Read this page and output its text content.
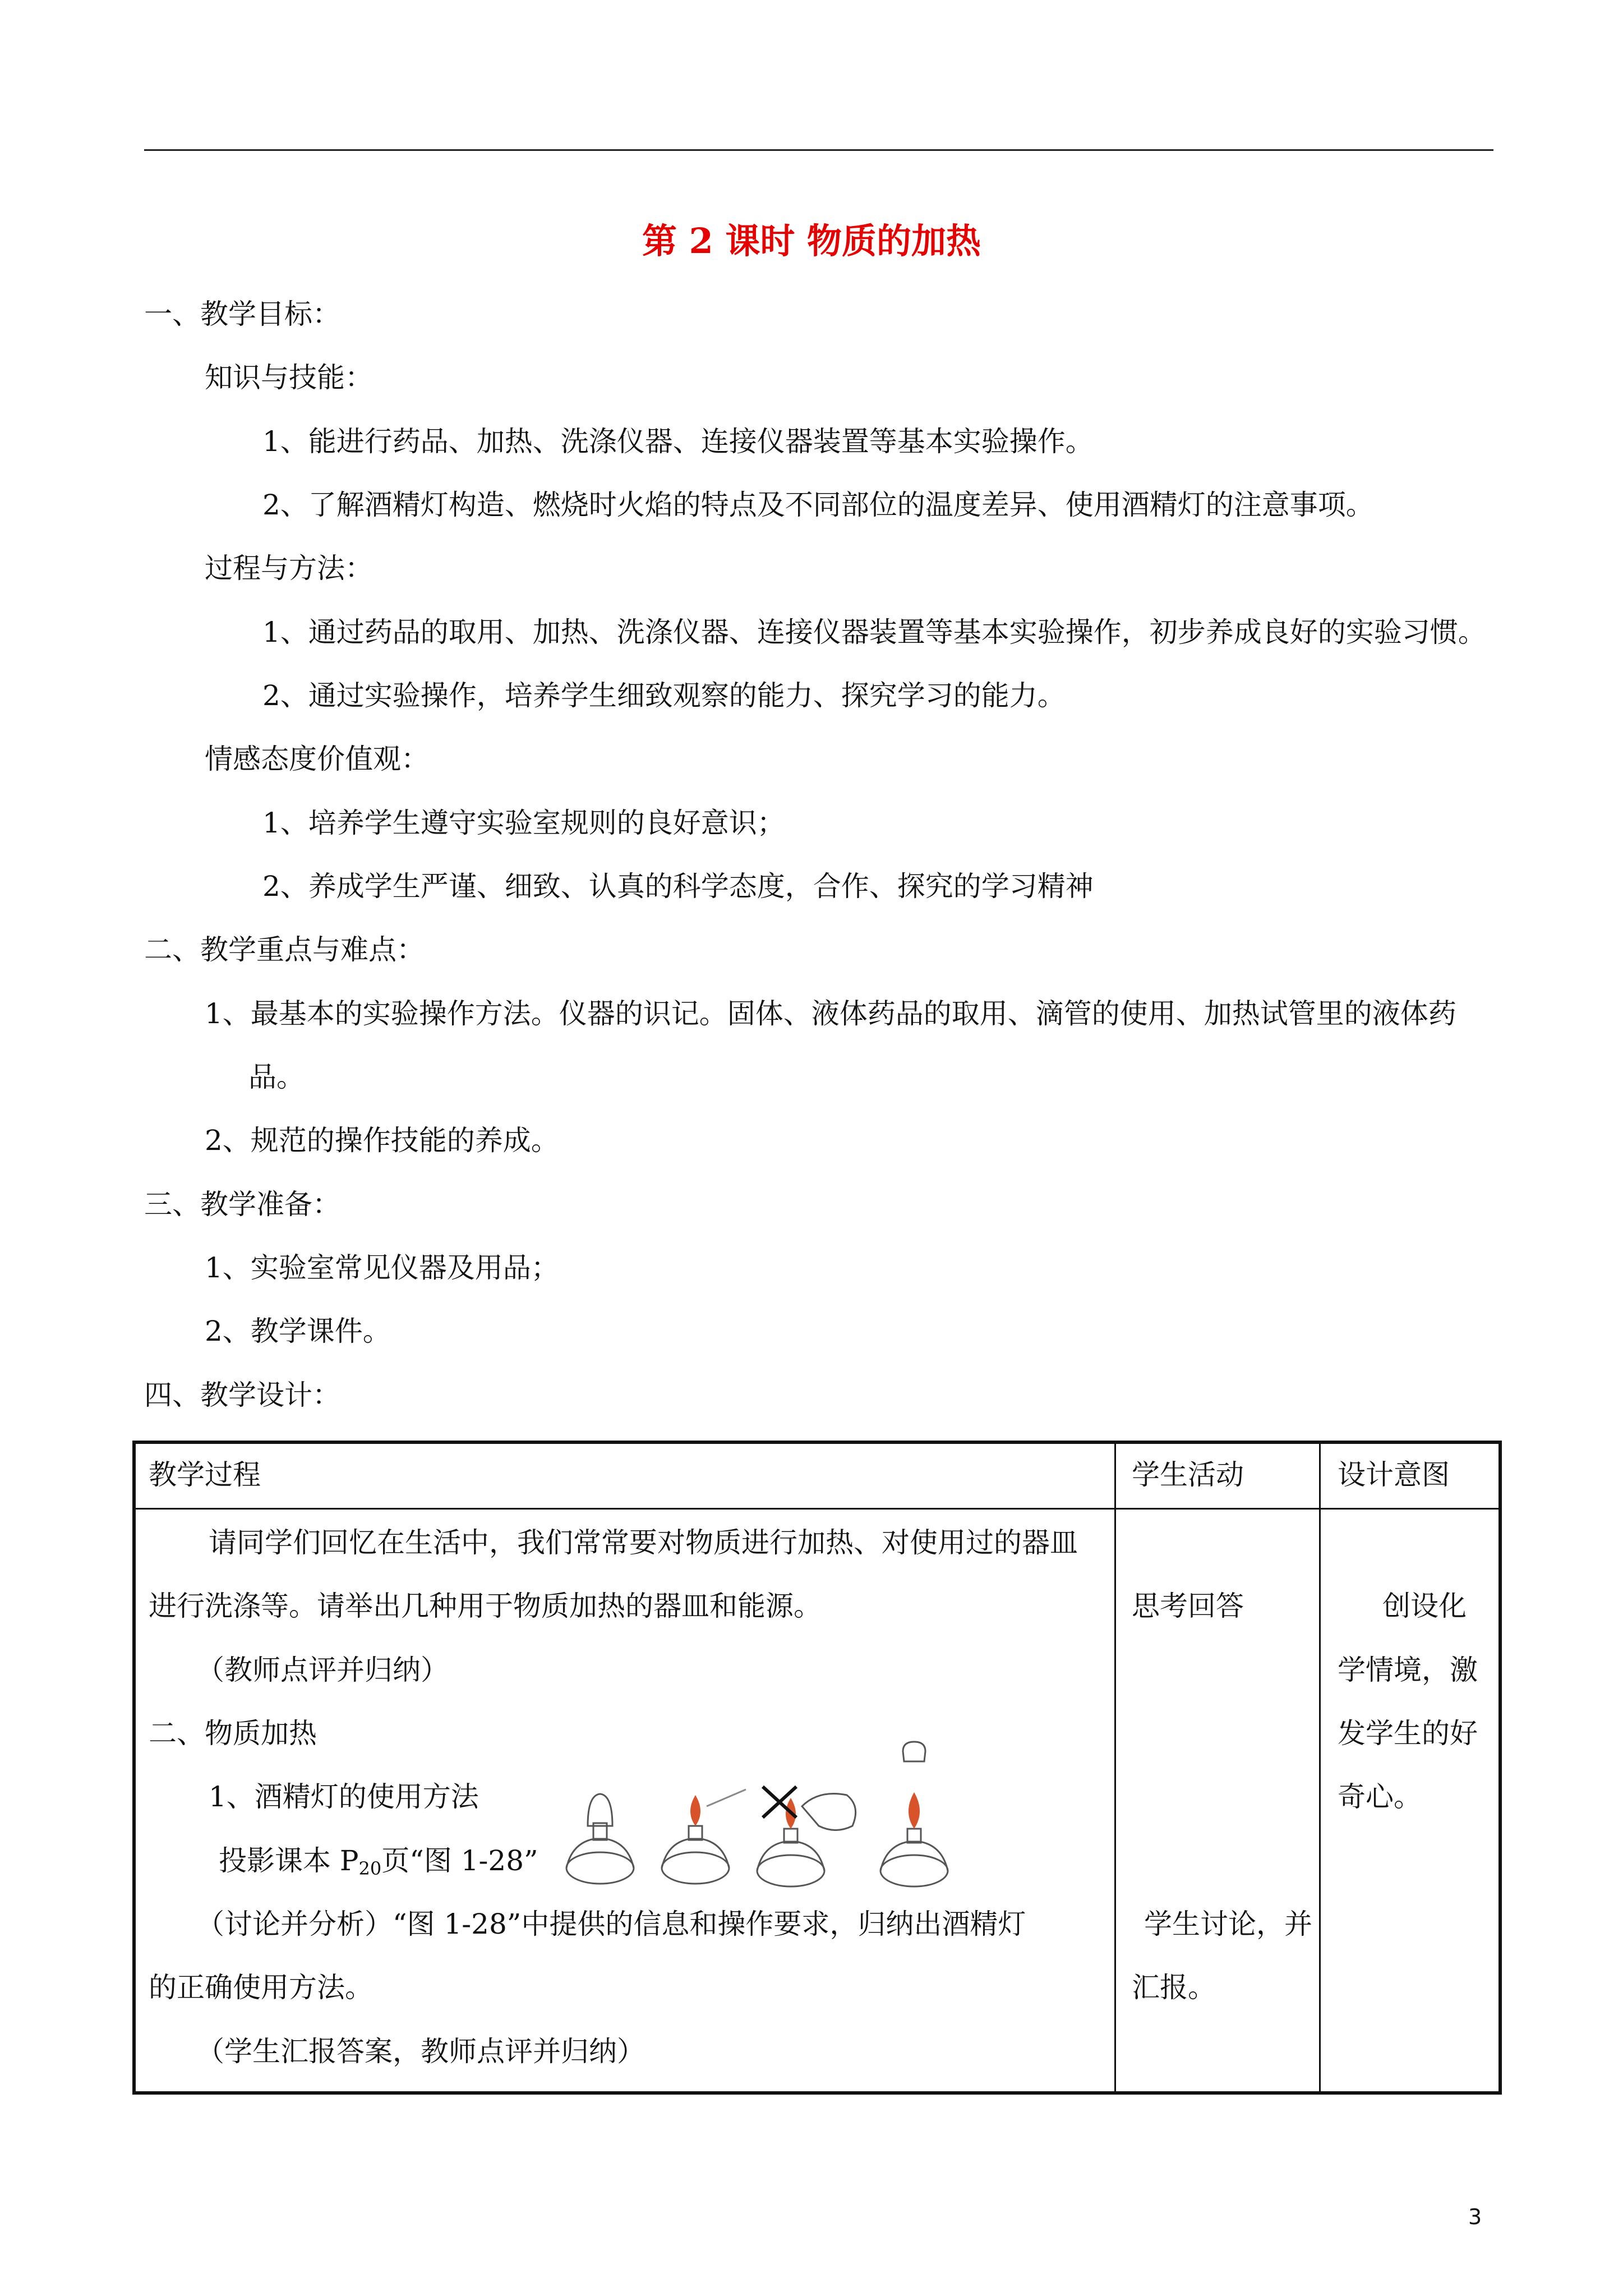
第 2 课时 物质的加热
一、教学目标：
知识与技能：
1、能进行药品、加热、洗涤仪器、连接仪器装置等基本实验操作。
2、了解酒精灯构造、燃烧时火焰的特点及不同部位的温度差异、使用酒精灯的注意事项。
过程与方法：
1、通过药品的取用、加热、洗涤仪器、连接仪器装置等基本实验操作，初步养成良好的实验习惯。
2、通过实验操作，培养学生细致观察的能力、探究学习的能力。
情感态度价值观：
1、培养学生遵守实验室规则的良好意识；
2、养成学生严谨、细致、认真的科学态度，合作、探究的学习精神
二、教学重点与难点：
1、最基本的实验操作方法。仪器的识记。固体、液体药品的取用、滴管的使用、加热试管里的液体药
品。
2、规范的操作技能的养成。
三、教学准备：
1、实验室常见仪器及用品；
2、教学课件。
四、教学设计：
教学过程	学生活动	设计意图
请同学们回忆在生活中，我们常常要对物质进行加热、对使用过的器皿
进行洗涤等。请举出几种用于物质加热的器皿和能源。
（教师点评并归纳）
二、物质加热
1、酒精灯的使用方法
投影课本 $P_{20}$页“图 1-28”
（讨论并分析）“图 1-28”中提供的信息和操作要求，归纳出酒精灯
的正确使用方法。
（学生汇报答案，教师点评并归纳）
思考回答
学生讨论，并
汇报。
创设化
学情境，激
发学生的好
奇心。
3
